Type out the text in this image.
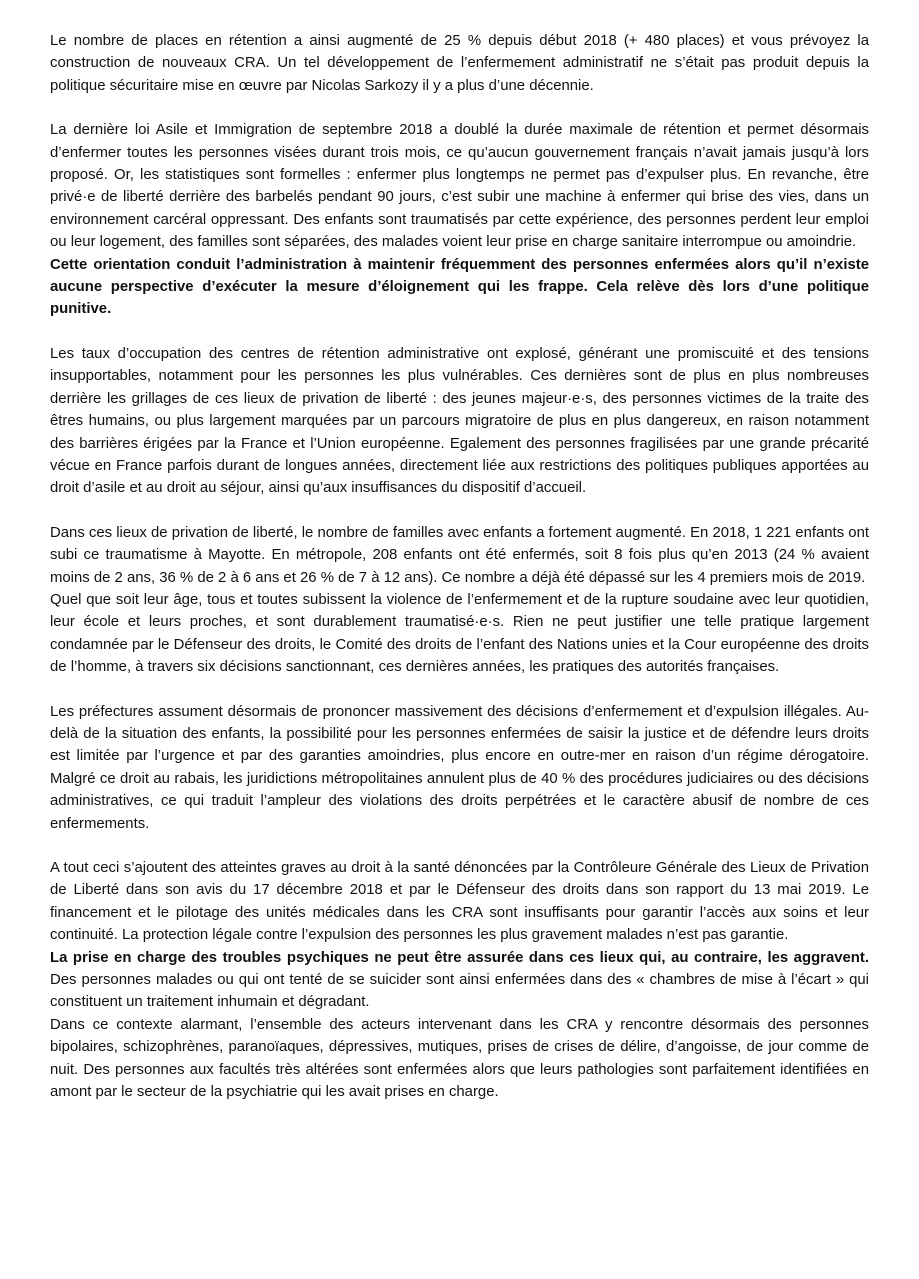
Le nombre de places en rétention a ainsi augmenté de 25 % depuis début 2018 (+ 480 places) et vous prévoyez la construction de nouveaux CRA. Un tel développement de l’enfermement administratif ne s’était pas produit depuis la politique sécuritaire mise en œuvre par Nicolas Sarkozy il y a plus d’une décennie.

La dernière loi Asile et Immigration de septembre 2018 a doublé la durée maximale de rétention et permet désormais d’enfermer toutes les personnes visées durant trois mois, ce qu’aucun gouvernement français n’avait jamais jusqu’à lors proposé. Or, les statistiques sont formelles : enfermer plus longtemps ne permet pas d’expulser plus. En revanche, être privé·e de liberté derrière des barbelés pendant 90 jours, c’est subir une machine à enfermer qui brise des vies, dans un environnement carcéral oppressant. Des enfants sont traumatisés par cette expérience, des personnes perdent leur emploi ou leur logement, des familles sont séparées, des malades voient leur prise en charge sanitaire interrompue ou amoindrie.

Cette orientation conduit l’administration à maintenir fréquemment des personnes enfermées alors qu’il n’existe aucune perspective d’exécuter la mesure d’éloignement qui les frappe. Cela relève dès lors d’une politique punitive.

Les taux d’occupation des centres de rétention administrative ont explosé, générant une promiscuité et des tensions insupportables, notamment pour les personnes les plus vulnérables. Ces dernières sont de plus en plus nombreuses derrière les grillages de ces lieux de privation de liberté : des jeunes majeur·e·s, des personnes victimes de la traite des êtres humains, ou plus largement marquées par un parcours migratoire de plus en plus dangereux, en raison notamment des barrières érigées par la France et l’Union européenne. Egalement des personnes fragilisées par une grande précarité vécue en France parfois durant de longues années, directement liée aux restrictions des politiques publiques apportées au droit d’asile et au droit au séjour, ainsi qu’aux insuffisances du dispositif d’accueil.

Dans ces lieux de privation de liberté, le nombre de familles avec enfants a fortement augmenté. En 2018, 1 221 enfants ont subi ce traumatisme à Mayotte. En métropole, 208 enfants ont été enfermés, soit 8 fois plus qu’en 2013 (24 % avaient moins de 2 ans, 36 % de 2 à 6 ans et 26 % de 7 à 12 ans). Ce nombre a déjà été dépassé sur les 4 premiers mois de 2019.

Quel que soit leur âge, tous et toutes subissent la violence de l’enfermement et de la rupture soudaine avec leur quotidien, leur école et leurs proches, et sont durablement traumatisé·e·s. Rien ne peut justifier une telle pratique largement condamnée par le Défenseur des droits, le Comité des droits de l’enfant des Nations unies et la Cour européenne des droits de l’homme, à travers six décisions sanctionnant, ces dernières années, les pratiques des autorités françaises.

Les préfectures assument désormais de prononcer massivement des décisions d’enfermement et d’expulsion illégales. Au-delà de la situation des enfants, la possibilité pour les personnes enfermées de saisir la justice et de défendre leurs droits est limitée par l’urgence et par des garanties amoindries, plus encore en outre-mer en raison d’un régime dérogatoire. Malgré ce droit au rabais, les juridictions métropolitaines annulent plus de 40 % des procédures judiciaires ou des décisions administratives, ce qui traduit l’ampleur des violations des droits perpétrées et le caractère abusif de nombre de ces enfermements.

A tout ceci s’ajoutent des atteintes graves au droit à la santé dénoncées par la Contrôleure Générale des Lieux de Privation de Liberté dans son avis du 17 décembre 2018 et par le Défenseur des droits dans son rapport du 13 mai 2019. Le financement et le pilotage des unités médicales dans les CRA sont insuffisants pour garantir l’accès aux soins et leur continuité. La protection légale contre l’expulsion des personnes les plus gravement malades n’est pas garantie.

La prise en charge des troubles psychiques ne peut être assurée dans ces lieux qui, au contraire, les aggravent. Des personnes malades ou qui ont tenté de se suicider sont ainsi enfermées dans des « chambres de mise à l’écart » qui constituent un traitement inhumain et dégradant.

Dans ce contexte alarmant, l’ensemble des acteurs intervenant dans les CRA y rencontre désormais des personnes bipolaires, schizophrènes, paranoïaques, dépressives, mutiques, prises de crises de délire, d’angoisse, de jour comme de nuit. Des personnes aux facultés très altérées sont enfermées alors que leurs pathologies sont parfaitement identifiées en amont par le secteur de la psychiatrie qui les avait prises en charge.
